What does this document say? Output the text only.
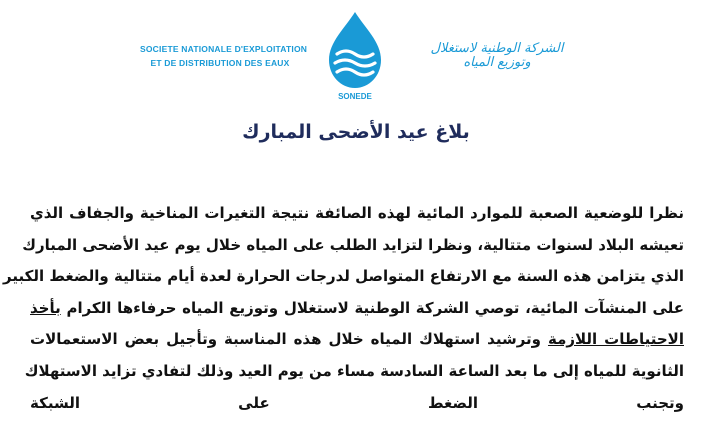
SOCIETE NATIONALE D'EXPLOITATION
ET DE DISTRIBUTION DES EAUX
SONEDE
الشركة الوطنية لاستغلال
وتوزيع المياه
بلاغ عيد الأضحى المبارك
نظرا للوضعية الصعبة للموارد المائية لهذه الصائفة نتيجة التغيرات المناخية والجفاف الذي
تعيشه البلاد لسنوات متتالية، ونظرا لتزايد الطلب على المياه خلال يوم عيد الأضحى المبارك
الذي يتزامن هذه السنة مع الارتفاع المتواصل لدرجات الحرارة لعدة أيام متتالية والضغط الكبير
على المنشآت المائية، توصي الشركة الوطنية لاستغلال وتوزيع المياه حرفاءها الكرام بأخذ
الاحتياطات اللازمة وترشيد استهلاك المياه خلال هذه المناسبة وتأجيل بعض الاستعمالات
الثانوية للمياه إلى ما بعد الساعة السادسة مساء من يوم العيد وذلك لتفادي تزايد الاستهلاك
وتجنب الضغط على الشبكة
